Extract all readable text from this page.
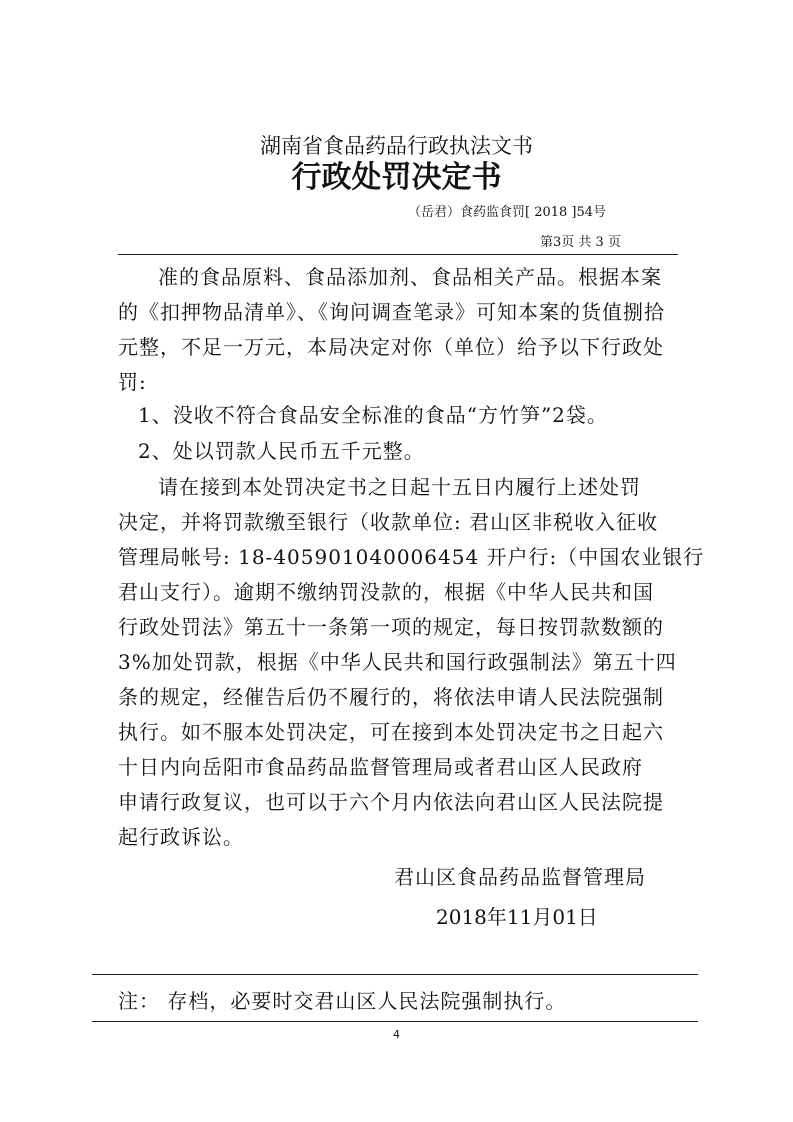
湖南省食品药品行政执法文书
行政处罚决定书
（岳君）食药监食罚[ 2018 ]54号
第3页 共 3 页
准的食品原料、食品添加剂、食品相关产品。根据本案
的《扣押物品清单》、《询问调查笔录》可知本案的货值捌拾
元整，不足一万元，本局决定对你（单位）给予以下行政处
罚:
1、没收不符合食品安全标准的食品“方竹笋”2袋。
2、处以罚款人民币五千元整。
请在接到本处罚决定书之日起十五日内履行上述处罚
决定，并将罚款缴至银行（收款单位: 君山区非税收入征收
管理局帐号: 18-405901040006454 开户行:（中国农业银行
君山支行）。逾期不缴纳罚没款的，根据《中华人民共和国
行政处罚法》第五十一条第一项的规定，每日按罚款数额的
3%加处罚款，根据《中华人民共和国行政强制法》第五十四
条的规定，经催告后仍不履行的，将依法申请人民法院强制
执行。如不服本处罚决定，可在接到本处罚决定书之日起六
十日内向岳阳市食品药品监督管理局或者君山区人民政府
申请行政复议，也可以于六个月内依法向君山区人民法院提
起行政诉讼。
君山区食品药品监督管理局
2018年11月01日
注： 存档，必要时交君山区人民法院强制执行。
4
